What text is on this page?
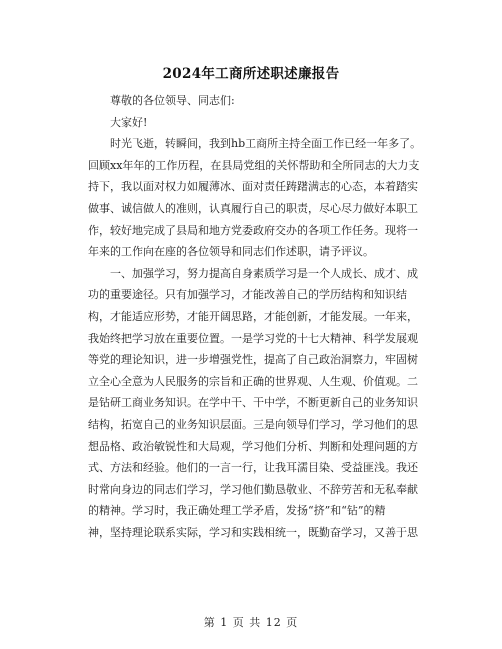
2024年工商所述职述廉报告
尊敬的各位领导、同志们:
大家好!
时光飞逝，转瞬间，我到hb工商所主持全面工作已经一年多了。
回顾xx年年的工作历程，在县局党组的关怀帮助和全所同志的大力支
持下，我以面对权力如履薄冰、面对责任踌躇满志的心态，本着踏实
做事、诚信做人的准则，认真履行自己的职责，尽心尽力做好本职工
作，较好地完成了县局和地方党委政府交办的各项工作任务。现将一
年来的工作向在座的各位领导和同志们作述职，请予评议。
一、加强学习，努力提高自身素质学习是一个人成长、成才、成
功的重要途径。只有加强学习，才能改善自己的学历结构和知识结
构，才能适应形势，才能开阔思路，才能创新，才能发展。一年来，
我始终把学习放在重要位置。一是学习党的十七大精神、科学发展观
等党的理论知识，进一步增强党性，提高了自己政治洞察力，牢固树
立全心全意为人民服务的宗旨和正确的世界观、人生观、价值观。二
是钻研工商业务知识。在学中干、干中学，不断更新自己的业务知识
结构，拓宽自己的业务知识层面。三是向领导们学习，学习他们的思
想品格、政治敏锐性和大局观，学习他们分析、判断和处理问题的方
式、方法和经验。他们的一言一行，让我耳濡目染、受益匪浅。我还
时常向身边的同志们学习，学习他们勤恳敬业、不辞劳苦和无私奉献
的精神。学习时，我正确处理工学矛盾，发扬“挤”和“钻”的精
神，坚持理论联系实际，学习和实践相统一，既勤奋学习，又善于思
第 1 页 共 12 页
